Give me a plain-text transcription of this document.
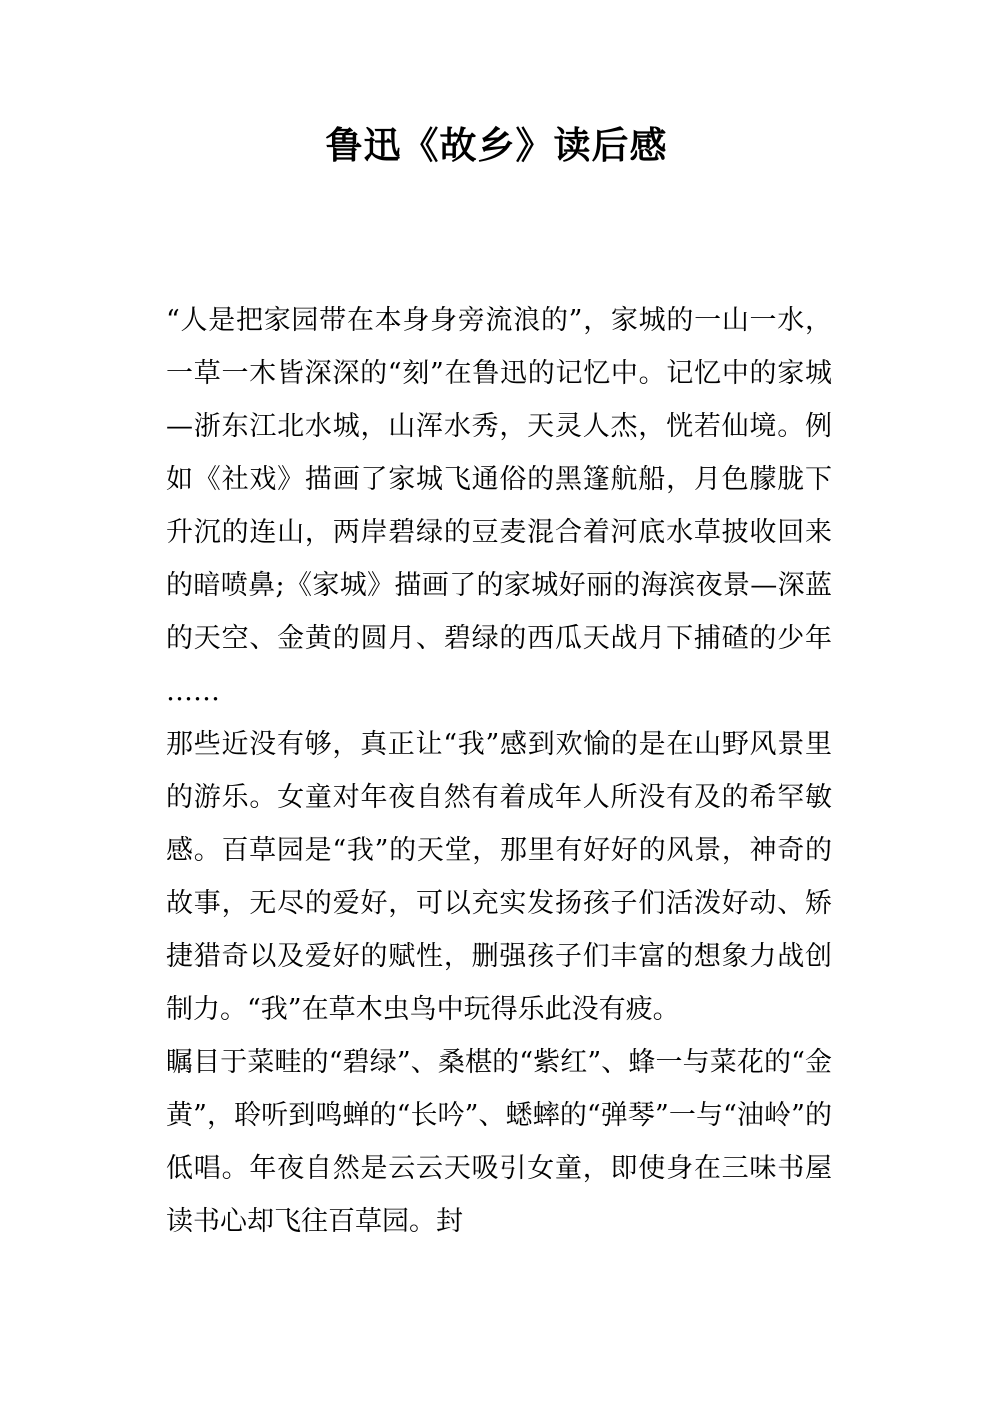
鲁迅《故乡》读后感

“人是把家园带在本身身旁流浪的”，家城的一山一水，一草一木皆深深的“刻”在鲁迅的记忆中。记忆中的家城—浙东江北水城，山浑水秀，天灵人杰，恍若仙境。例如《社戏》描画了家城飞通俗的黑篷航船，月色朦胧下升沉的连山，两岸碧绿的豆麦混合着河底水草披收回来的暗喷鼻;《家城》描画了的家城好丽的海滨夜景—深蓝的天空、金黄的圆月、碧绿的西瓜天战月下捕碴的少年……

那些近没有够，真正让“我”感到欢愉的是在山野风景里的游乐。女童对年夜自然有着成年人所没有及的希罕敏感。百草园是“我”的天堂，那里有好好的风景，神奇的故事，无尽的爱好，可以充实发扬孩子们活泼好动、矫捷猎奇以及爱好的赋性，删强孩子们丰富的想象力战创制力。“我”在草木虫鸟中玩得乐此没有疲。

瞩目于菜畦的“碧绿”、桑椹的“紫红”、蜂一与菜花的“金黄”，聆听到鸣蝉的“长吟”、蟋蟀的“弹琴”一与“油岭”的低唱。年夜自然是云云天吸引女童，即使身在三味书屋读书心却飞往百草园。封
